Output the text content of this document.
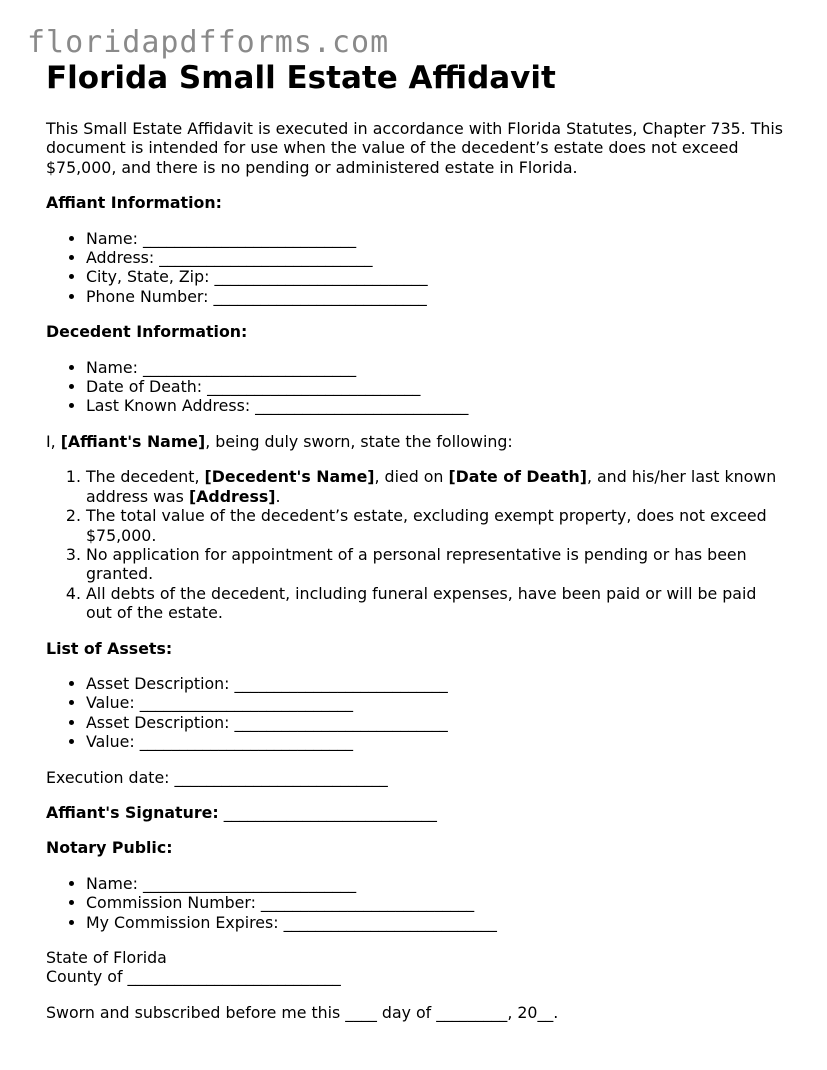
floridapdfforms.com
Florida Small Estate Affidavit

This Small Estate Affidavit is executed in accordance with Florida Statutes, Chapter 735. This document is intended for use when the value of the decedent’s estate does not exceed $75,000, and there is no pending or administered estate in Florida.

Affiant Information:

• Name: ___________________________
• Address: ___________________________
• City, State, Zip: ___________________________
• Phone Number: ___________________________

Decedent Information:

• Name: ___________________________
• Date of Death: ___________________________
• Last Known Address: ___________________________

I, [Affiant's Name], being duly sworn, state the following:

1. The decedent, [Decedent's Name], died on [Date of Death], and his/her last known address was [Address].
2. The total value of the decedent’s estate, excluding exempt property, does not exceed $75,000.
3. No application for appointment of a personal representative is pending or has been granted.
4. All debts of the decedent, including funeral expenses, have been paid or will be paid out of the estate.

List of Assets:

• Asset Description: ___________________________
• Value: ___________________________
• Asset Description: ___________________________
• Value: ___________________________

Execution date: ___________________________

Affiant's Signature: ___________________________

Notary Public:

• Name: ___________________________
• Commission Number: ___________________________
• My Commission Expires: ___________________________

State of Florida

County of ___________________________

Sworn and subscribed before me this ____ day of _________, 20__.
